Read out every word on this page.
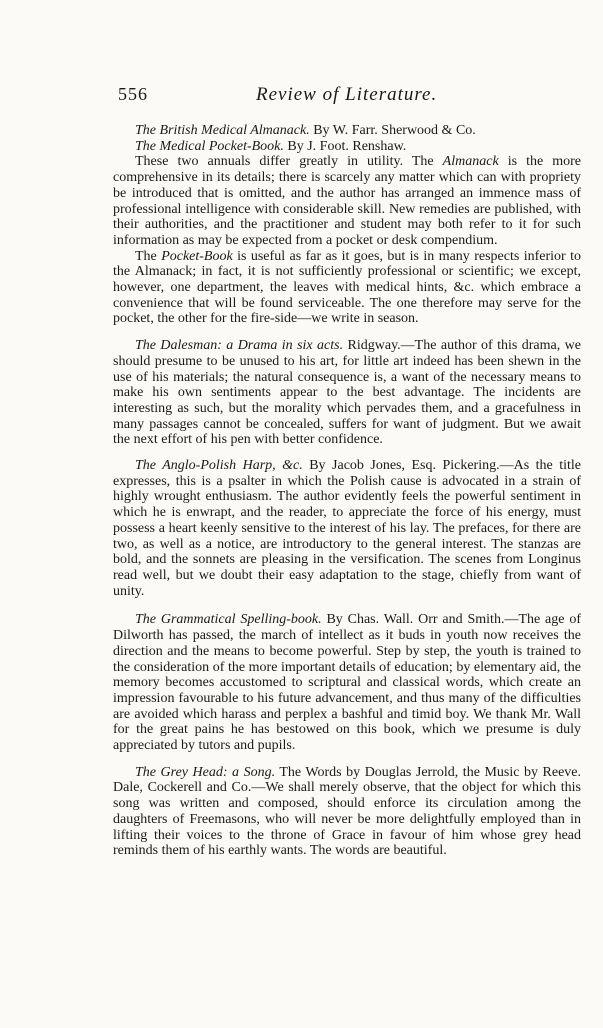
556	Review of Literature.

The British Medical Almanack. By W. Farr. Sherwood & Co.

The Medical Pocket-Book. By J. Foot. Renshaw.

These two annuals differ greatly in utility. The Almanack is the more comprehensive in its details; there is scarcely any matter which can with propriety be introduced that is omitted, and the author has arranged an immence mass of professional intelligence with considerable skill. New remedies are published, with their authorities, and the practitioner and student may both refer to it for such information as may be expected from a pocket or desk compendium.

The Pocket-Book is useful as far as it goes, but is in many respects inferior to the Almanack; in fact, it is not sufficiently professional or scientific; we except, however, one department, the leaves with medical hints, &c. which embrace a convenience that will be found serviceable. The one therefore may serve for the pocket, the other for the fire-side—we write in season.

The Dalesman: a Drama in six acts. Ridgway.—The author of this drama, we should presume to be unused to his art, for little art indeed has been shewn in the use of his materials; the natural consequence is, a want of the necessary means to make his own sentiments appear to the best advantage. The incidents are interesting as such, but the morality which pervades them, and a gracefulness in many passages cannot be concealed, suffers for want of judgment. But we await the next effort of his pen with better confidence.

The Anglo-Polish Harp, &c. By Jacob Jones, Esq. Pickering.—As the title expresses, this is a psalter in which the Polish cause is advocated in a strain of highly wrought enthusiasm. The author evidently feels the powerful sentiment in which he is enwrapt, and the reader, to appreciate the force of his energy, must possess a heart keenly sensitive to the interest of his lay. The prefaces, for there are two, as well as a notice, are introductory to the general interest. The stanzas are bold, and the sonnets are pleasing in the versification. The scenes from Longinus read well, but we doubt their easy adaptation to the stage, chiefly from want of unity.

The Grammatical Spelling-book. By Chas. Wall. Orr and Smith.—The age of Dilworth has passed, the march of intellect as it buds in youth now receives the direction and the means to become powerful. Step by step, the youth is trained to the consideration of the more important details of education; by elementary aid, the memory becomes accustomed to scriptural and classical words, which create an impression favourable to his future advancement, and thus many of the difficulties are avoided which harass and perplex a bashful and timid boy. We thank Mr. Wall for the great pains he has bestowed on this book, which we presume is duly appreciated by tutors and pupils.

The Grey Head: a Song. The Words by Douglas Jerrold, the Music by Reeve. Dale, Cockerell and Co.—We shall merely observe, that the object for which this song was written and composed, should enforce its circulation among the daughters of Freemasons, who will never be more delightfully employed than in lifting their voices to the throne of Grace in favour of him whose grey head reminds them of his earthly wants. The words are beautiful.
